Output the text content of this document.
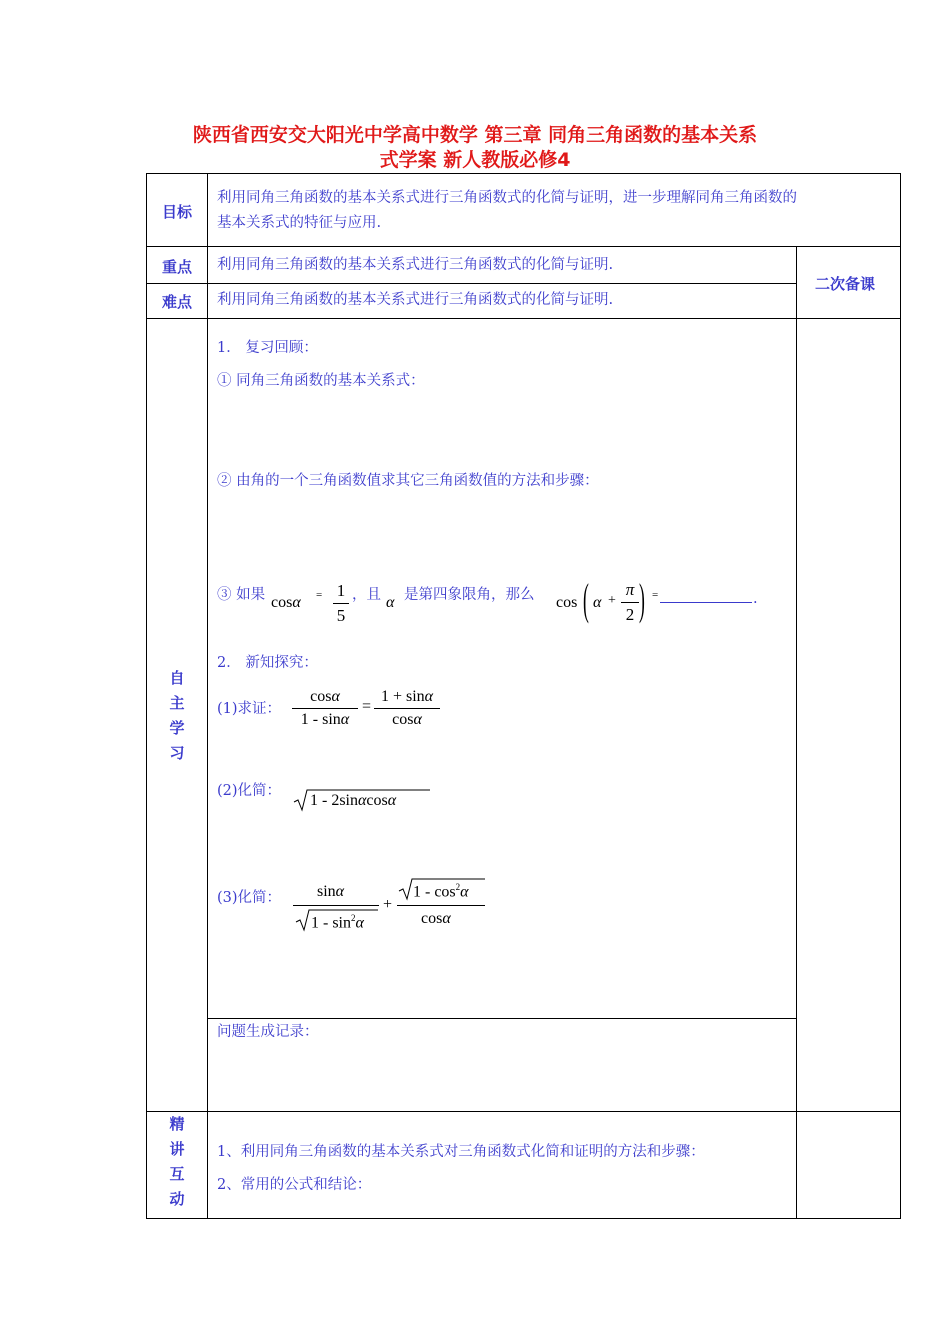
陕西省西安交大阳光中学高中数学 第三章 同角三角函数的基本关系
式学案 新人教版必修4
目标
利用同角三角函数的基本关系式进行三角函数式的化简与证明，进一步理解同角三角函数的
基本关系式的特征与应用.
重点 利用同角三角函数的基本关系式进行三角函数式的化简与证明.
难点 利用同角三角函数的基本关系式进行三角函数式的化简与证明.
二次备课
自
主
学
习
1． 复习回顾：
① 同角三角函数的基本关系式：
② 由角的一个三角函数值求其它三角函数值的方法和步骤：
③ 如果 cosα = 1
5
，且 α 是第四象限角，那么 cos ( α +
π
2 ) =	.
2． 新知探究：
(1)求证：
cosα
1 - sinα
=
1 + sinα
cosα
(2)化简：
1 - 2sinαcosα
(3)化简： sinα
$1 - \sin^2\alpha$
+
$1 - \cos^2\alpha$
cosα
问题生成记录：
精
讲
互
动
1、利用同角三角函数的基本关系式对三角函数式化简和证明的方法和步骤：
2、常用的公式和结论：
